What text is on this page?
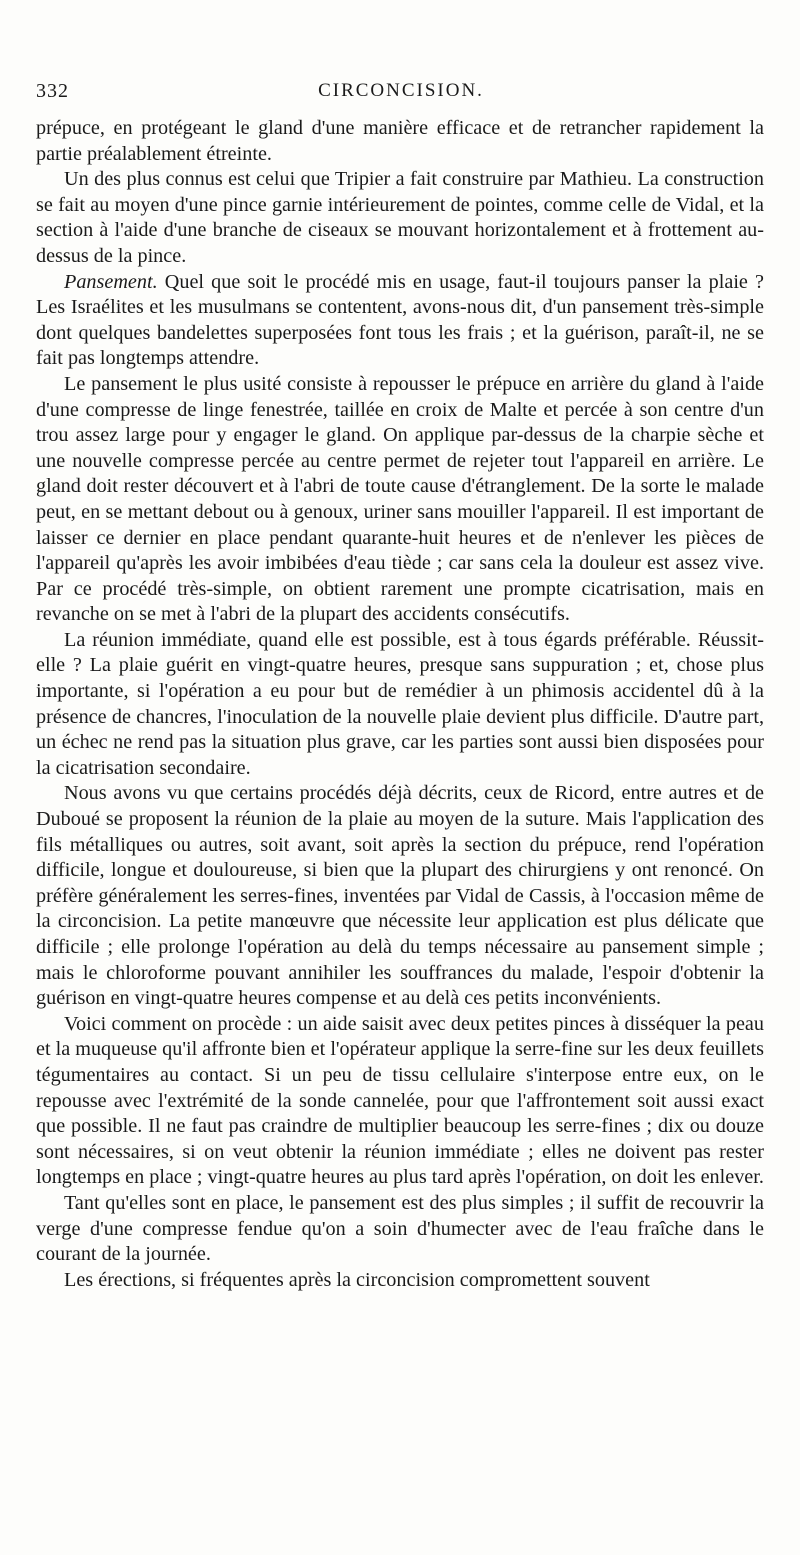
332	CIRCONCISION.

prépuce, en protégeant le gland d'une manière efficace et de retrancher rapidement la partie préalablement étreinte.

Un des plus connus est celui que Tripier a fait construire par Mathieu. La construction se fait au moyen d'une pince garnie intérieurement de pointes, comme celle de Vidal, et la section à l'aide d'une branche de ciseaux se mouvant horizontalement et à frottement au-dessus de la pince.

Pansement. Quel que soit le procédé mis en usage, faut-il toujours panser la plaie ? Les Israélites et les musulmans se contentent, avons-nous dit, d'un pansement très-simple dont quelques bandelettes superposées font tous les frais ; et la guérison, paraît-il, ne se fait pas longtemps attendre.

Le pansement le plus usité consiste à repousser le prépuce en arrière du gland à l'aide d'une compresse de linge fenestrée, taillée en croix de Malte et percée à son centre d'un trou assez large pour y engager le gland. On applique par-dessus de la charpie sèche et une nouvelle compresse percée au centre permet de rejeter tout l'appareil en arrière. Le gland doit rester découvert et à l'abri de toute cause d'étranglement. De la sorte le malade peut, en se mettant debout ou à genoux, uriner sans mouiller l'appareil. Il est important de laisser ce dernier en place pendant quarante-huit heures et de n'enlever les pièces de l'appareil qu'après les avoir imbibées d'eau tiède ; car sans cela la douleur est assez vive. Par ce procédé très-simple, on obtient rarement une prompte cicatrisation, mais en revanche on se met à l'abri de la plupart des accidents consécutifs.

La réunion immédiate, quand elle est possible, est à tous égards préférable. Réussit-elle ? La plaie guérit en vingt-quatre heures, presque sans suppuration ; et, chose plus importante, si l'opération a eu pour but de remédier à un phimosis accidentel dû à la présence de chancres, l'inoculation de la nouvelle plaie devient plus difficile. D'autre part, un échec ne rend pas la situation plus grave, car les parties sont aussi bien disposées pour la cicatrisation secondaire.

Nous avons vu que certains procédés déjà décrits, ceux de Ricord, entre autres et de Duboué se proposent la réunion de la plaie au moyen de la suture. Mais l'application des fils métalliques ou autres, soit avant, soit après la section du prépuce, rend l'opération difficile, longue et douloureuse, si bien que la plupart des chirurgiens y ont renoncé. On préfère généralement les serres-fines, inventées par Vidal de Cassis, à l'occasion même de la circoncision. La petite manœuvre que nécessite leur application est plus délicate que difficile ; elle prolonge l'opération au delà du temps nécessaire au pansement simple ; mais le chloroforme pouvant annihiler les souffrances du malade, l'espoir d'obtenir la guérison en vingt-quatre heures compense et au delà ces petits inconvénients.

Voici comment on procède : un aide saisit avec deux petites pinces à disséquer la peau et la muqueuse qu'il affronte bien et l'opérateur applique la serre-fine sur les deux feuillets tégumentaires au contact. Si un peu de tissu cellulaire s'interpose entre eux, on le repousse avec l'extrémité de la sonde cannelée, pour que l'affrontement soit aussi exact que possible. Il ne faut pas craindre de multiplier beaucoup les serre-fines ; dix ou douze sont nécessaires, si on veut obtenir la réunion immédiate ; elles ne doivent pas rester longtemps en place ; vingt-quatre heures au plus tard après l'opération, on doit les enlever.

Tant qu'elles sont en place, le pansement est des plus simples ; il suffit de recouvrir la verge d'une compresse fendue qu'on a soin d'humecter avec de l'eau fraîche dans le courant de la journée.

Les érections, si fréquentes après la circoncision compromettent souvent
